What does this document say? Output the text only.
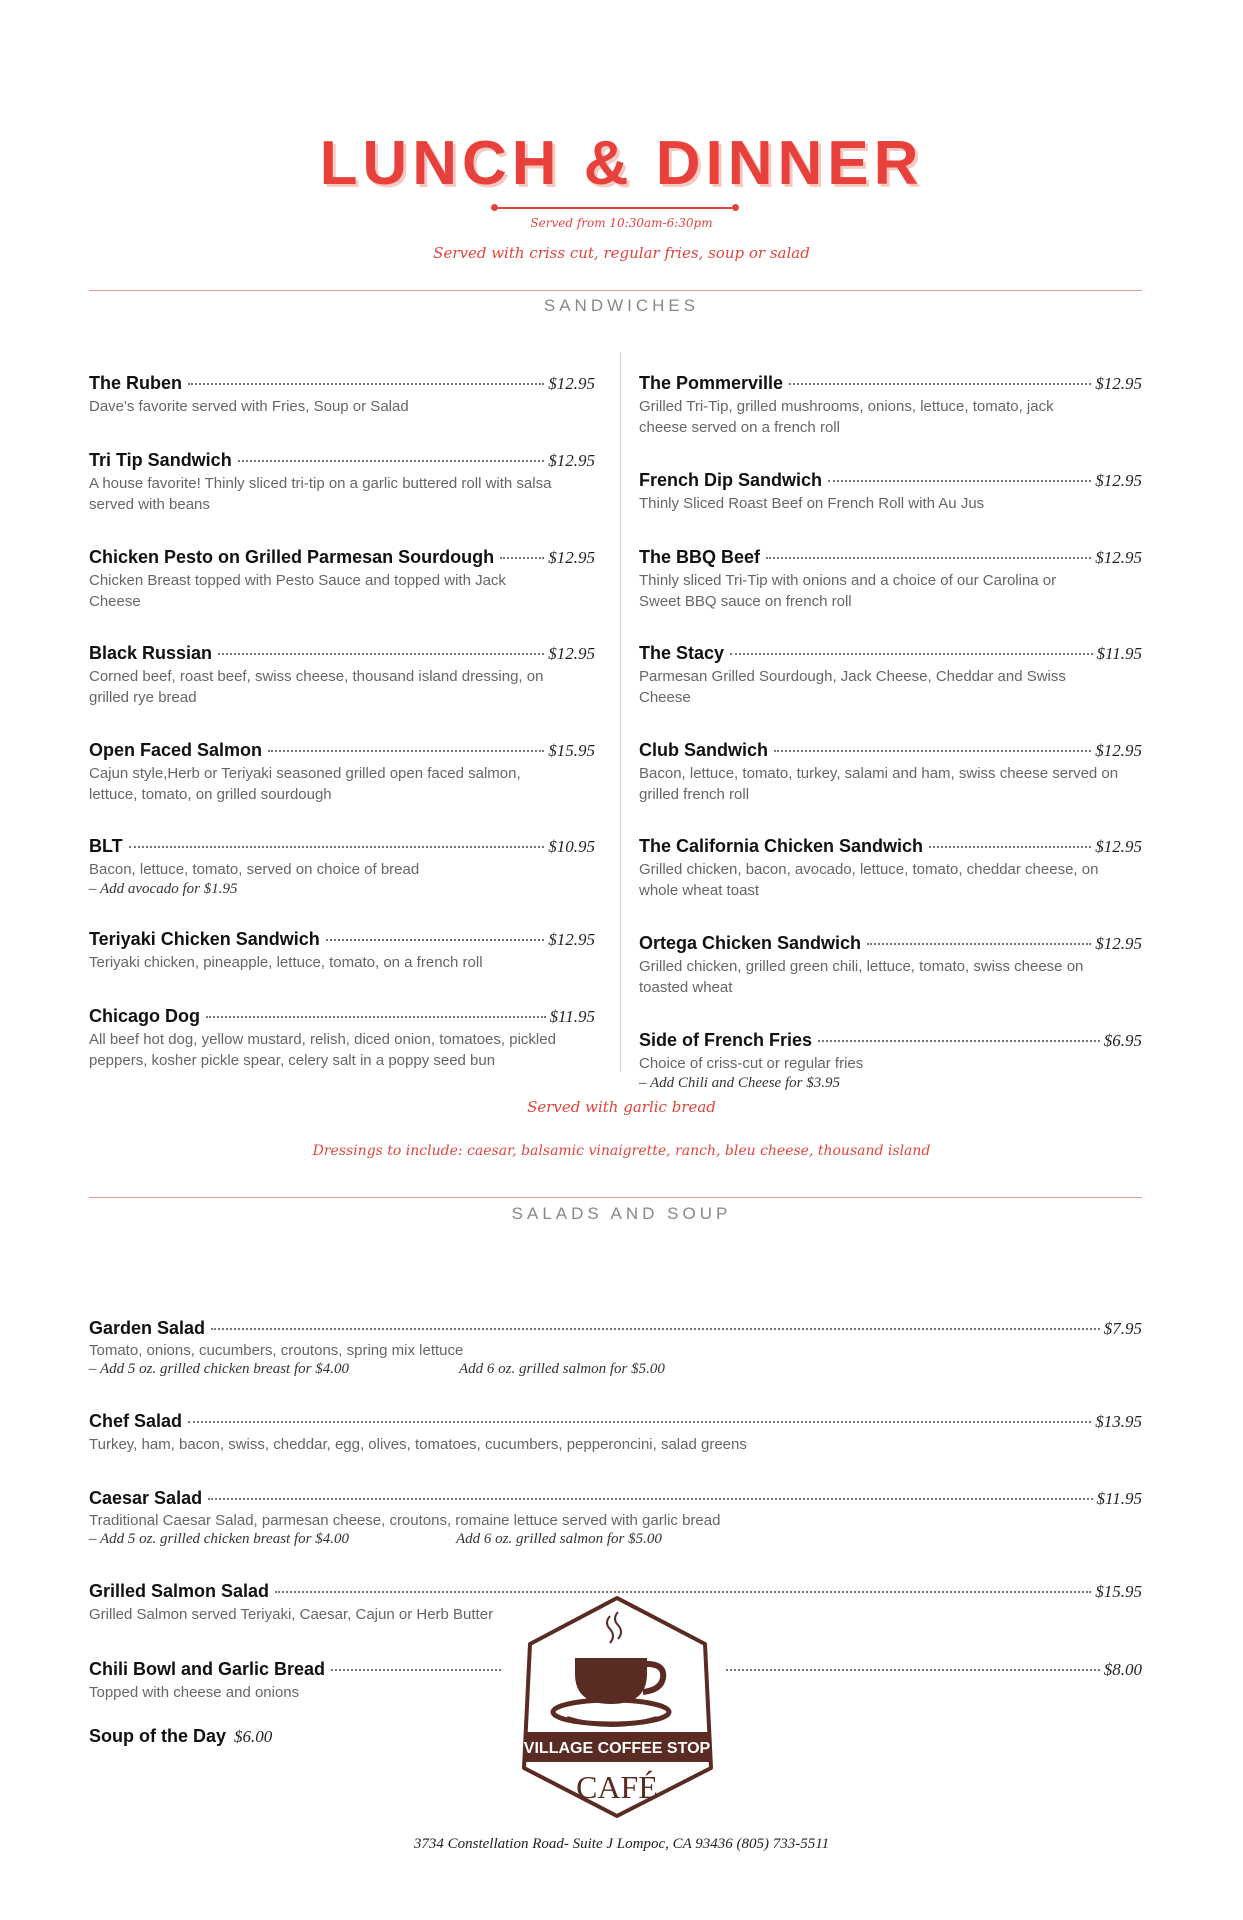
LUNCH & DINNER
Served from 10:30am-6:30pm
Served with criss cut, regular fries, soup or salad
SANDWICHES
The Ruben	$12.95
Dave's favorite served with Fries, Soup or Salad
Tri Tip Sandwich	$12.95
A house favorite! Thinly sliced tri-tip on a garlic buttered roll with salsa served with beans
Chicken Pesto on Grilled Parmesan Sourdough	$12.95
Chicken Breast topped with Pesto Sauce and topped with Jack Cheese
Black Russian	$12.95
Corned beef, roast beef, swiss cheese, thousand island dressing, on grilled rye bread
Open Faced Salmon	$15.95
Cajun style,Herb or Teriyaki seasoned grilled open faced salmon, lettuce, tomato, on grilled sourdough
BLT	$10.95
Bacon, lettuce, tomato, served on choice of bread
– Add avocado for $1.95
Teriyaki Chicken Sandwich	$12.95
Teriyaki chicken, pineapple, lettuce, tomato, on a french roll
Chicago Dog	$11.95
All beef hot dog, yellow mustard, relish, diced onion, tomatoes, pickled peppers, kosher pickle spear, celery salt in a poppy seed bun
The Pommerville	$12.95
Grilled Tri-Tip, grilled mushrooms, onions, lettuce, tomato, jack cheese served on a french roll
French Dip Sandwich	$12.95
Thinly Sliced Roast Beef on French Roll with Au Jus
The BBQ Beef	$12.95
Thinly sliced Tri-Tip with onions and a choice of our Carolina or Sweet BBQ sauce on french roll
The Stacy	$11.95
Parmesan Grilled Sourdough, Jack Cheese, Cheddar and Swiss Cheese
Club Sandwich	$12.95
Bacon, lettuce, tomato, turkey, salami and ham, swiss cheese served on grilled french roll
The California Chicken Sandwich	$12.95
Grilled chicken, bacon, avocado, lettuce, tomato, cheddar cheese, on whole wheat toast
Ortega Chicken Sandwich	$12.95
Grilled chicken, grilled green chili, lettuce, tomato, swiss cheese on toasted wheat
Side of French Fries	$6.95
Choice of criss-cut or regular fries
– Add Chili and Cheese for $3.95
Served with garlic bread
Dressings to include: caesar, balsamic vinaigrette, ranch, bleu cheese, thousand island
SALADS AND SOUP
Garden Salad	$7.95
Tomato, onions, cucumbers, croutons, spring mix lettuce
– Add 5 oz. grilled chicken breast for $4.00	Add 6 oz. grilled salmon for $5.00
Chef Salad	$13.95
Turkey, ham, bacon, swiss, cheddar, egg, olives, tomatoes, cucumbers, pepperoncini, salad greens
Caesar Salad	$11.95
Traditional Caesar Salad, parmesan cheese, croutons, romaine lettuce served with garlic bread
– Add 5 oz. grilled chicken breast for $4.00	Add 6 oz. grilled salmon for $5.00
Grilled Salmon Salad	$15.95
Grilled Salmon served Teriyaki, Caesar, Cajun or Herb Butter
Chili Bowl and Garlic Bread	$8.00
Topped with cheese and onions
Soup of the Day $6.00
VILLAGE COFFEE STOP
CAFÉ
3734 Constellation Road- Suite J Lompoc, CA 93436 (805) 733-5511
